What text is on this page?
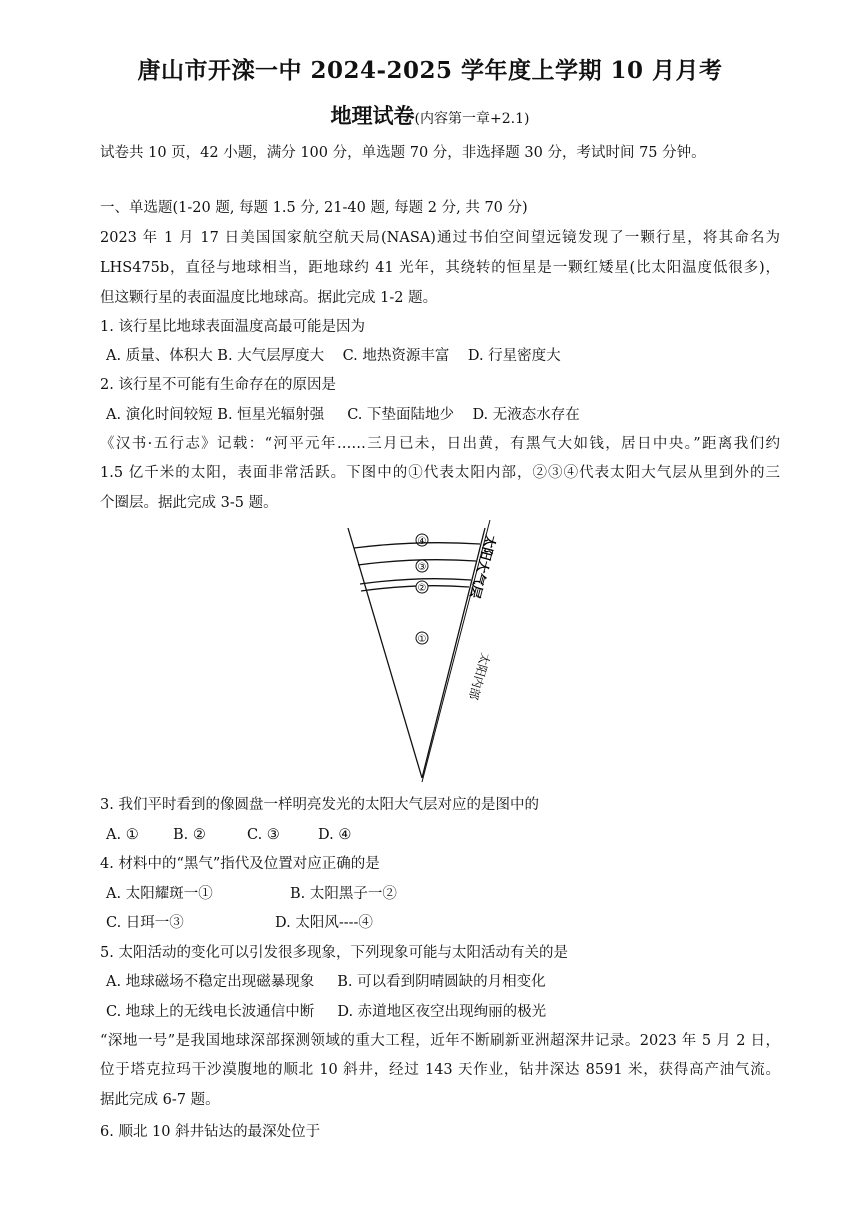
唐山市开滦一中 2024-2025 学年度上学期 10 月月考
地理试卷(内容第一章+2.1)
试卷共 10 页，42 小题，满分 100 分，单选题 70 分，非选择题 30 分，考试时间 75 分钟。
一、单选题(1-20 题, 每题 1.5 分, 21-40 题, 每题 2 分, 共 70 分)
2023 年 1 月 17 日美国国家航空航天局(NASA)通过书伯空间望远镜发现了一颗行星，将其命名为
LHS475b，直径与地球相当，距地球约 41 光年，其绕转的恒星是一颗红矮星(比太阳温度低很多)，
但这颗行星的表面温度比地球高。据此完成 1-2 题。
1. 该行星比地球表面温度高最可能是因为
A. 质量、体积大 B. 大气层厚度大    C. 地热资源丰富    D. 行星密度大
2. 该行星不可能有生命存在的原因是
A. 演化时间较短 B. 恒星光辐射强     C. 下垫面陆地少    D. 无液态水存在
《汉书·五行志》记载：“河平元年……三月已未，日出黄，有黑气大如钱，居日中央。”距离我们约
1.5 亿千米的太阳，表面非常活跃。下图中的①代表太阳内部，②③④代表太阳大气层从里到外的三
个圈层。据此完成 3-5 题。
④
③
②
①
太阳大气层
太阳内部
3. 我们平时看到的像圆盘一样明亮发光的太阳大气层对应的是图中的
A. ①	B. ②	C. ③	D. ④
4. 材料中的“黑气”指代及位置对应正确的是
A. 太阳耀斑一①	B. 太阳黑子一②
C. 日珥一③	D. 太阳风----④
5. 太阳活动的变化可以引发很多现象，下列现象可能与太阳活动有关的是
A. 地球磁场不稳定出现磁暴现象     B. 可以看到阴晴圆缺的月相变化
C. 地球上的无线电长波通信中断     D. 赤道地区夜空出现绚丽的极光
“深地一号”是我国地球深部探测领域的重大工程，近年不断刷新亚洲超深井记录。2023 年 5 月 2 日，
位于塔克拉玛干沙漠腹地的顺北 10 斜井，经过 143 天作业，钻井深达 8591 米，获得高产油气流。
据此完成 6-7 题。
6. 顺北 10 斜井钻达的最深处位于
